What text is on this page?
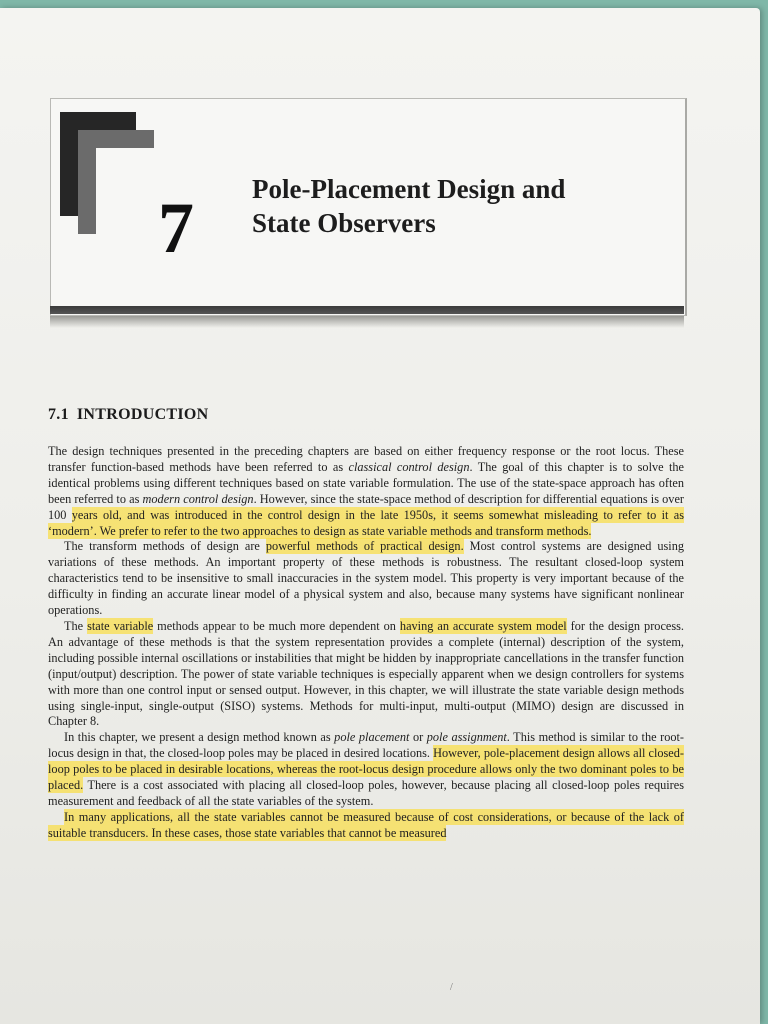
7 Pole-Placement Design and
State Observers
7.1 INTRODUCTION

The design techniques presented in the preceding chapters are based on either frequency response or the root locus. These transfer function-based methods have been referred to as classical control design. The goal of this chapter is to solve the identical problems using different techniques based on state variable formulation. The use of the state-space approach has often been referred to as modern control design. However, since the state-space method of description for differential equations is over 100 years old, and was introduced in the control design in the late 1950s, it seems somewhat misleading to refer to it as ‘modern’. We prefer to refer to the two approaches to design as state variable methods and transform methods.

The transform methods of design are powerful methods of practical design. Most control systems are designed using variations of these methods. An important property of these methods is robustness. The resultant closed-loop system characteristics tend to be insensitive to small inaccuracies in the system model. This property is very important because of the difficulty in finding an accurate linear model of a physical system and also, because many systems have significant nonlinear operations.

The state variable methods appear to be much more dependent on having an accurate system model for the design process. An advantage of these methods is that the system representation provides a complete (internal) description of the system, including possible internal oscillations or instabilities that might be hidden by inappropriate cancellations in the transfer function (input/output) description. The power of state variable techniques is especially apparent when we design controllers for systems with more than one control input or sensed output. However, in this chapter, we will illustrate the state variable design methods using single-input, single-output (SISO) systems. Methods for multi-input, multi-output (MIMO) design are discussed in Chapter 8.

In this chapter, we present a design method known as pole placement or pole assignment. This method is similar to the root-locus design in that, the closed-loop poles may be placed in desired locations. However, pole-placement design allows all closed-loop poles to be placed in desirable locations, whereas the root-locus design procedure allows only the two dominant poles to be placed. There is a cost associated with placing all closed-loop poles, however, because placing all closed-loop poles requires measurement and feedback of all the state variables of the system.

In many applications, all the state variables cannot be measured because of cost considerations, or because of the lack of suitable transducers. In these cases, those state variables that cannot be measured

/
